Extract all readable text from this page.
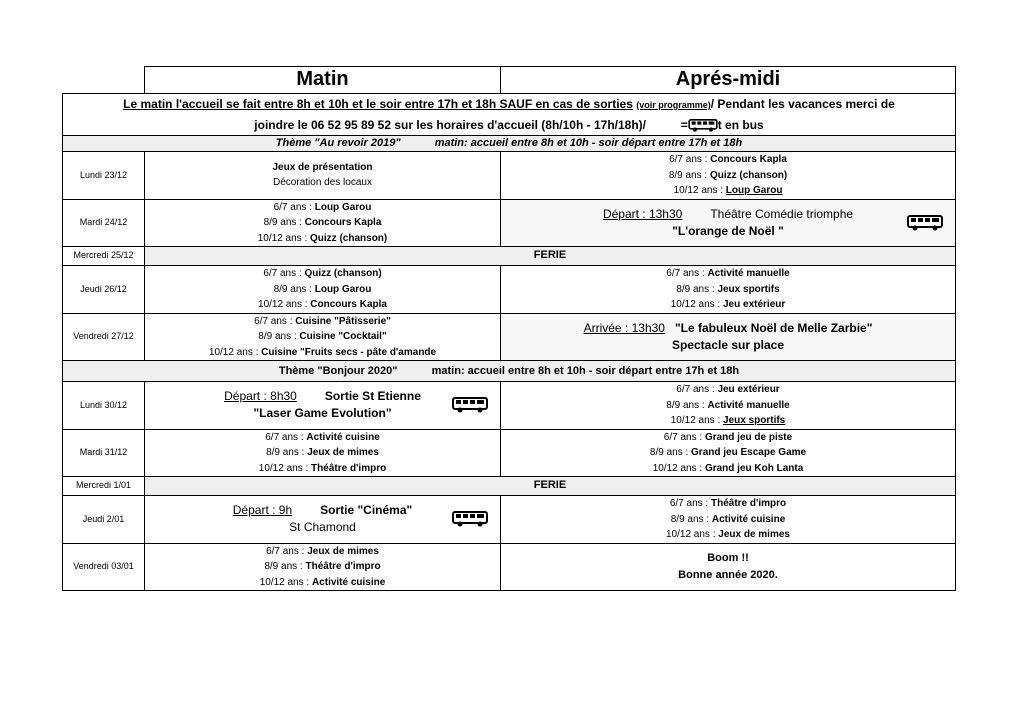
	Matin	Aprés-midi

Le matin l'accueil se fait entre 8h et 10h et le soir entre 17h et 18h SAUF en cas de sorties (voir programme)/ Pendant les vacances merci de
joindre le 06 52 95 89 52 sur les horaires d'accueil (8h/10h - 17h/18h)/ = t en bus		

Thème "Au revoir 2019" matin: accueil entre 8h et 10h - soir départ entre 17h et 18h		
Lundi 23/12	Jeux de présentation
Décoration des locaux	6/7 ans : Concours Kapla
8/9 ans : Quizz (chanson)
10/12 ans : Loup Garou

Mardi 24/12	6/7 ans : Loup Garou
8/9 ans : Concours Kapla
10/12 ans : Quizz (chanson)	Départ : 13h30 Théâtre Comédie triomphe
"L'orange de Noël "

Mercredi 25/12	FERIE	
Jeudi 26/12	6/7 ans : Quizz (chanson)
8/9 ans : Loup Garou
10/12 ans : Concours Kapla	6/7 ans : Activité manuelle
8/9 ans : Jeux sportifs
10/12 ans : Jeu extérieur

Vendredi 27/12	6/7 ans : Cuisine "Pâtisserie"
8/9 ans : Cuisine "Cocktail"
10/12 ans : Cuisine "Fruits secs - pâte d'amande	Arrivée : 13h30 "Le fabuleux Noël de Melle Zarbie"
Spectacle sur place

Thème "Bonjour 2020" matin: accueil entre 8h et 10h - soir départ entre 17h et 18h		
Lundi 30/12	Départ : 8h30 Sortie St Etienne
"Laser Game Evolution"	6/7 ans : Jeu extérieur
8/9 ans : Activité manuelle
10/12 ans : Jeux sportifs

Mardi 31/12	6/7 ans : Activité cuisine
8/9 ans : Jeux de mimes
10/12 ans : Théâtre d'impro	6/7 ans : Grand jeu de piste
8/9 ans : Grand jeu Escape Game
10/12 ans : Grand jeu Koh Lanta

Mercredi 1/01	FERIE	
Jeudi 2/01	Départ : 9h Sortie "Cinéma"
St Chamond	6/7 ans : Théâtre d'impro
8/9 ans : Activité cuisine
10/12 ans : Jeux de mimes

Vendredi 03/01	6/7 ans : Jeux de mimes
8/9 ans : Théâtre d'impro
10/12 ans : Activité cuisine	Boom !!
Bonne année 2020.
